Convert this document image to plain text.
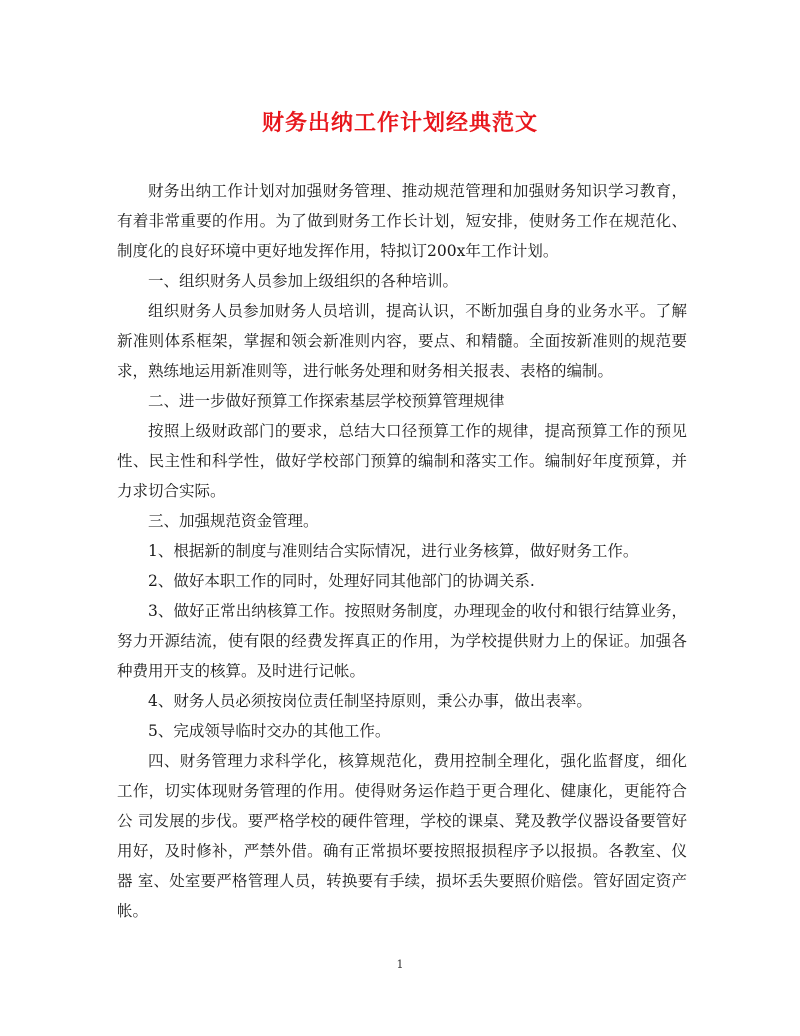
财务出纳工作计划经典范文

财务出纳工作计划对加强财务管理、推动规范管理和加强财务知识学习教育，有着非常重要的作用。为了做到财务工作长计划，短安排，使财务工作在规范化、制度化的良好环境中更好地发挥作用，特拟订200x年工作计划。

一、组织财务人员参加上级组织的各种培训。

组织财务人员参加财务人员培训，提高认识，不断加强自身的业务水平。了解新准则体系框架，掌握和领会新准则内容，要点、和精髓。全面按新准则的规范要求，熟练地运用新准则等，进行帐务处理和财务相关报表、表格的编制。

二、进一步做好预算工作探索基层学校预算管理规律

按照上级财政部门的要求，总结大口径预算工作的规律，提高预算工作的预见性、民主性和科学性，做好学校部门预算的编制和落实工作。编制好年度预算，并力求切合实际。

三、加强规范资金管理。

1、根据新的制度与准则结合实际情况，进行业务核算，做好财务工作。

2、做好本职工作的同时，处理好同其他部门的协调关系.

3、做好正常出纳核算工作。按照财务制度，办理现金的收付和银行结算业务，努力开源结流，使有限的经费发挥真正的作用，为学校提供财力上的保证。加强各种费用开支的核算。及时进行记帐。

4、财务人员必须按岗位责任制坚持原则，秉公办事，做出表率。

5、完成领导临时交办的其他工作。

四、财务管理力求科学化，核算规范化，费用控制全理化，强化监督度，细化工作，切实体现财务管理的作用。使得财务运作趋于更合理化、健康化，更能符合公 司发展的步伐。要严格学校的硬件管理，学校的课桌、凳及教学仪器设备要管好用好，及时修补，严禁外借。确有正常损坏要按照报损程序予以报损。各教室、仪器 室、处室要严格管理人员，转换要有手续，损坏丢失要照价赔偿。管好固定资产帐。

1
